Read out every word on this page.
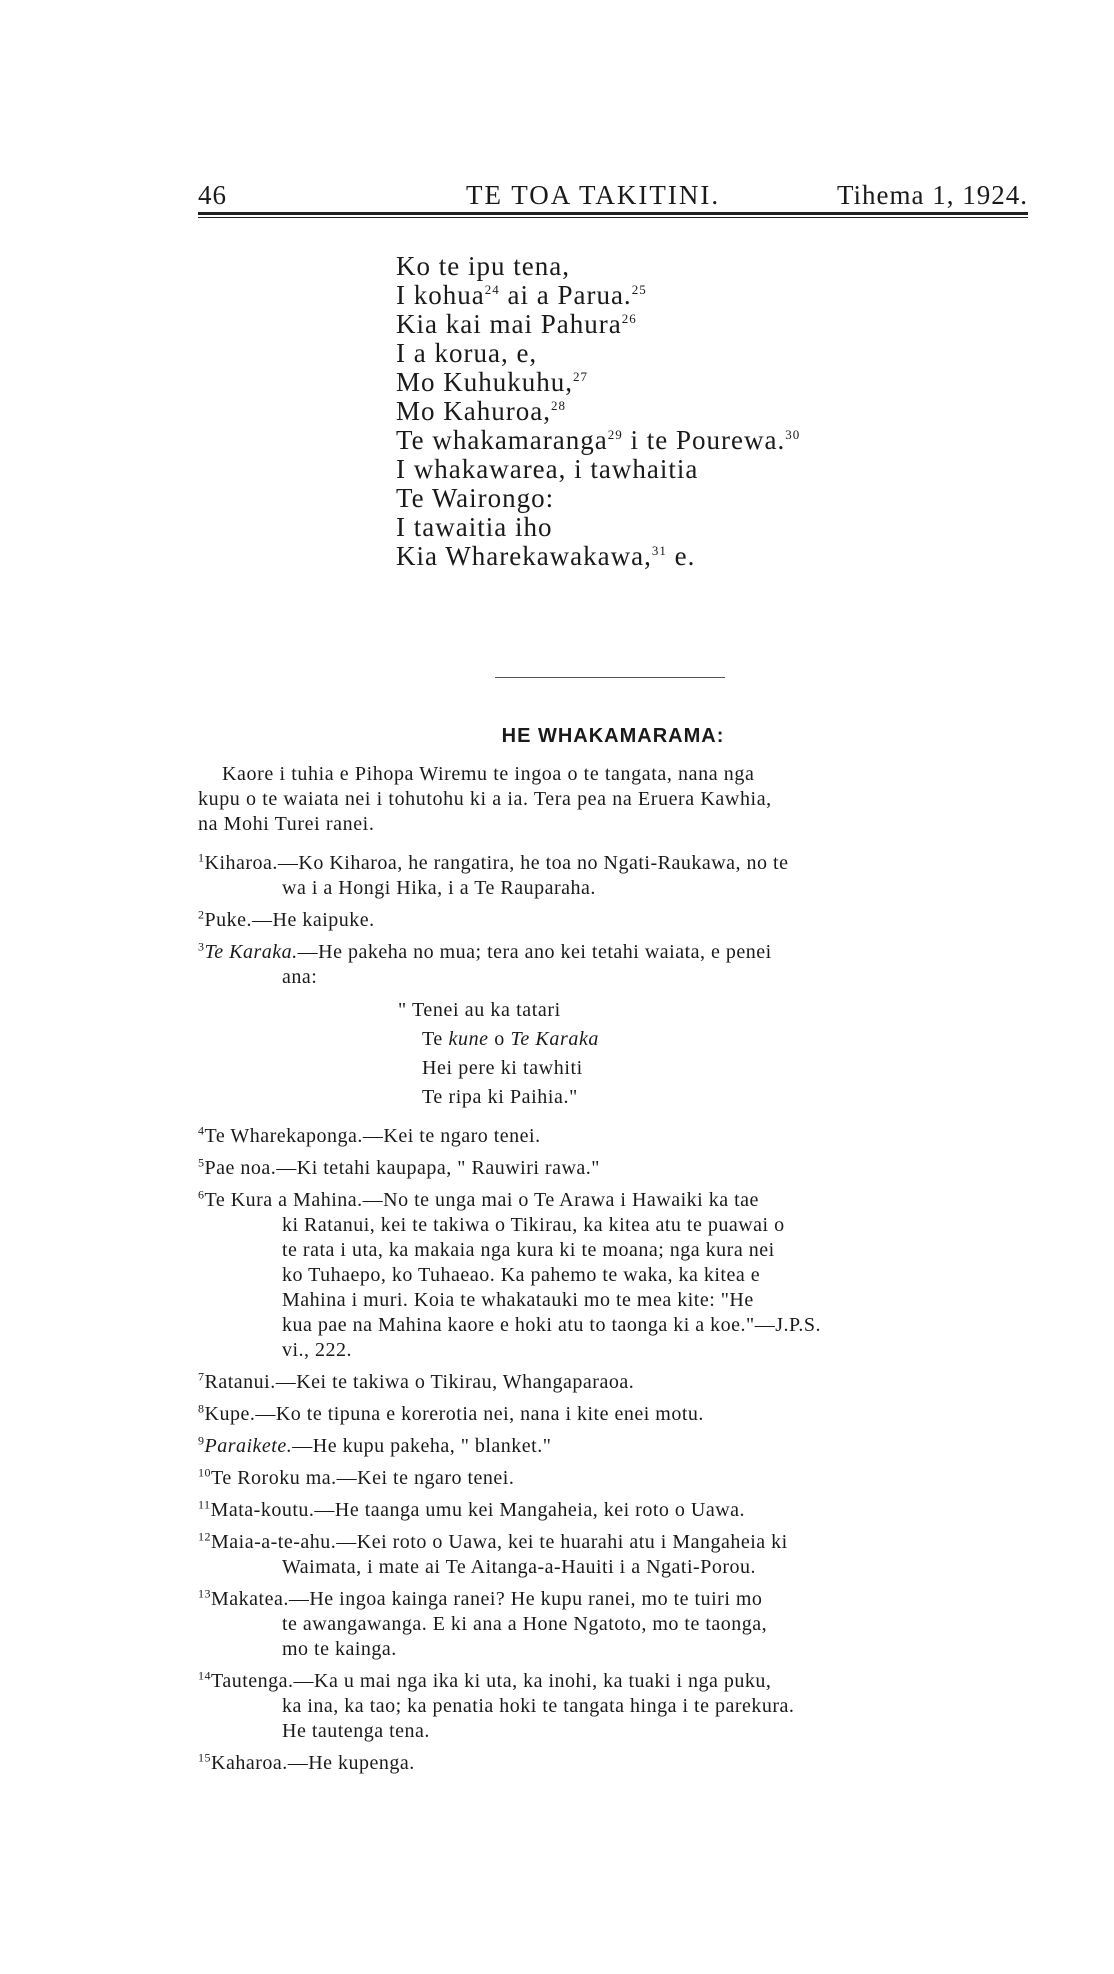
46	TE TOA TAKITINI.	Tihema 1, 1924.
Ko te ipu tena,
I kohua$^{24}$ ai a Parua.$^{25}$
Kia kai mai Pahura$^{26}$
I a korua, e,
Mo Kuhukuhu,$^{27}$
Mo Kahuroa,$^{28}$
Te whakamaranga$^{29}$ i te Pourewa.$^{30}$
I whakawarea, i tawhaitia
Te Wairongo:
I tawaitia iho
Kia Wharekawakawa,$^{31}$ e.
HE WHAKAMARAMA:
Kaore i tuhia e Pihopa Wiremu te ingoa o te tangata, nana nga
kupu o te waiata nei i tohutohu ki a ia. Tera pea na Eruera Kawhia,
na Mohi Turei ranei.
$^1$Kiharoa.—Ko Kiharoa, he rangatira, he toa no Ngati-Raukawa, no te
wa i a Hongi Hika, i a Te Rauparaha.
$^2$Puke.—He kaipuke.
$^3$Te Karaka.—He pakeha no mua; tera ano kei tetahi waiata, e penei
ana:
" Tenei au ka tatari
Te kune o Te Karaka
Hei pere ki tawhiti
Te ripa ki Paihia."
$^4$Te Wharekaponga.—Kei te ngaro tenei.
$^5$Pae noa.—Ki tetahi kaupapa, " Rauwiri rawa."
$^6$Te Kura a Mahina.—No te unga mai o Te Arawa i Hawaiki ka tae
ki Ratanui, kei te takiwa o Tikirau, ka kitea atu te puawai o
te rata i uta, ka makaia nga kura ki te moana; nga kura nei
ko Tuhaepo, ko Tuhaeao. Ka pahemo te waka, ka kitea e
Mahina i muri. Koia te whakatauki mo te mea kite: "He
kua pae na Mahina kaore e hoki atu to taonga ki a koe."—J.P.S.
vi., 222.
$^7$Ratanui.—Kei te takiwa o Tikirau, Whangaparaoa.
$^8$Kupe.—Ko te tipuna e korerotia nei, nana i kite enei motu.
$^9$Paraikete.—He kupu pakeha, " blanket."
$^{10}$Te Roroku ma.—Kei te ngaro tenei.
$^{11}$Mata-koutu.—He taanga umu kei Mangaheia, kei roto o Uawa.
$^{12}$Maia-a-te-ahu.—Kei roto o Uawa, kei te huarahi atu i Mangaheia ki
Waimata, i mate ai Te Aitanga-a-Hauiti i a Ngati-Porou.
$^{13}$Makatea.—He ingoa kainga ranei? He kupu ranei, mo te tuiri mo
te awangawanga. E ki ana a Hone Ngatoto, mo te taonga,
mo te kainga.
$^{14}$Tautenga.—Ka u mai nga ika ki uta, ka inohi, ka tuaki i nga puku,
ka ina, ka tao; ka penatia hoki te tangata hinga i te parekura.
He tautenga tena.
$^{15}$Kaharoa.—He kupenga.
